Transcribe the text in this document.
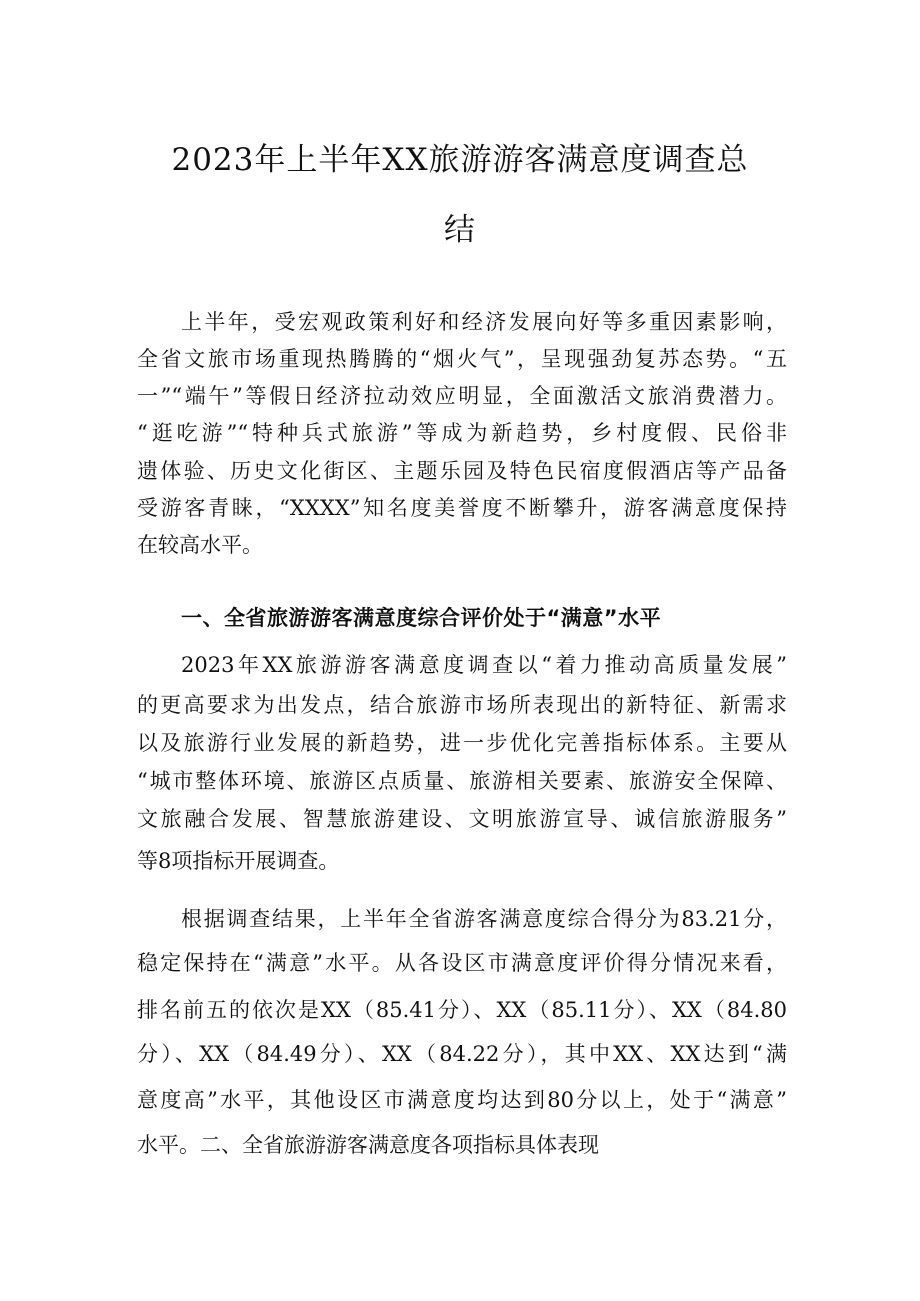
2023年上半年XX旅游游客满意度调查总
结
上半年，受宏观政策利好和经济发展向好等多重因素影响，
全省文旅市场重现热腾腾的“烟火气”，呈现强劲复苏态势。“五
一”“端午”等假日经济拉动效应明显，全面激活文旅消费潜力。
“逛吃游”“特种兵式旅游”等成为新趋势，乡村度假、民俗非
遗体验、历史文化街区、主题乐园及特色民宿度假酒店等产品备
受游客青睐，“XXXX”知名度美誉度不断攀升，游客满意度保持
在较高水平。
一、全省旅游游客满意度综合评价处于“满意”水平
2023年XX旅游游客满意度调查以“着力推动高质量发展”
的更高要求为出发点，结合旅游市场所表现出的新特征、新需求
以及旅游行业发展的新趋势，进一步优化完善指标体系。主要从
“城市整体环境、旅游区点质量、旅游相关要素、旅游安全保障、
文旅融合发展、智慧旅游建设、文明旅游宣导、诚信旅游服务”
等8项指标开展调查。
根据调查结果，上半年全省游客满意度综合得分为83.21分，
稳定保持在“满意”水平。从各设区市满意度评价得分情况来看，
排名前五的依次是XX（85.41分）、XX（85.11分）、XX（84.80
分）、XX（84.49分）、XX（84.22分），其中XX、XX达到“满
意度高”水平，其他设区市满意度均达到80分以上，处于“满意”
水平。二、全省旅游游客满意度各项指标具体表现
